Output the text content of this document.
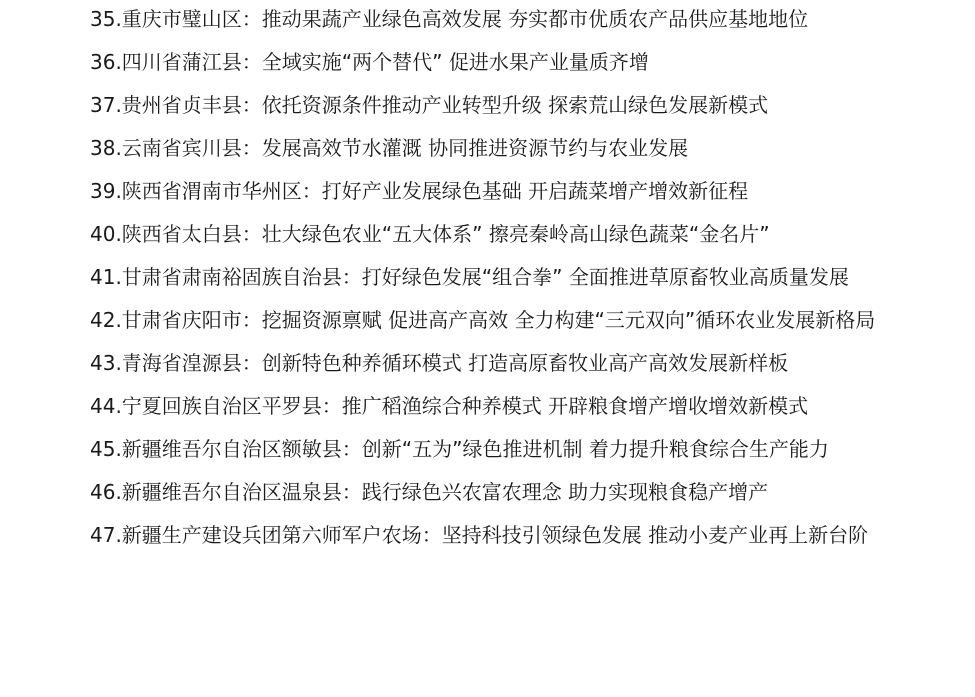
35.重庆市璧山区：推动果蔬产业绿色高效发展 夯实都市优质农产品供应基地地位

36.四川省蒲江县：全域实施“两个替代” 促进水果产业量质齐增

37.贵州省贞丰县：依托资源条件推动产业转型升级 探索荒山绿色发展新模式

38.云南省宾川县：发展高效节水灌溉 协同推进资源节约与农业发展

39.陕西省渭南市华州区：打好产业发展绿色基础 开启蔬菜增产增效新征程

40.陕西省太白县：壮大绿色农业“五大体系” 擦亮秦岭高山绿色蔬菜“金名片”

41.甘肃省肃南裕固族自治县：打好绿色发展“组合拳” 全面推进草原畜牧业高质量发展

42.甘肃省庆阳市：挖掘资源禀赋 促进高产高效 全力构建“三元双向”循环农业发展新格局

43.青海省湟源县：创新特色种养循环模式 打造高原畜牧业高产高效发展新样板

44.宁夏回族自治区平罗县：推广稻渔综合种养模式 开辟粮食增产增收增效新模式

45.新疆维吾尔自治区额敏县：创新“五为”绿色推进机制 着力提升粮食综合生产能力

46.新疆维吾尔自治区温泉县：践行绿色兴农富农理念 助力实现粮食稳产增产

47.新疆生产建设兵团第六师军户农场：坚持科技引领绿色发展 推动小麦产业再上新台阶
